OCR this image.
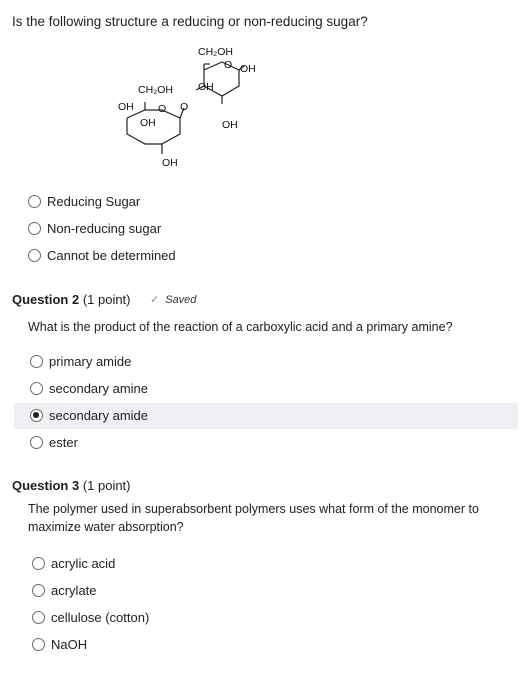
Is the following structure a reducing or non-reducing sugar?
CH₂OH
O OH
OH
OH
CH₂OH
OH O O
OH
OH
Reducing Sugar
Non-reducing sugar
Cannot be determined
Question 2 (1 point) ✓ Saved
What is the product of the reaction of a carboxylic acid and a primary amine?
primary amide
secondary amine
secondary amide
ester
Question 3 (1 point)
The polymer used in superabsorbent polymers uses what form of the monomer to
maximize water absorption?
acrylic acid
acrylate
cellulose (cotton)
NaOH
